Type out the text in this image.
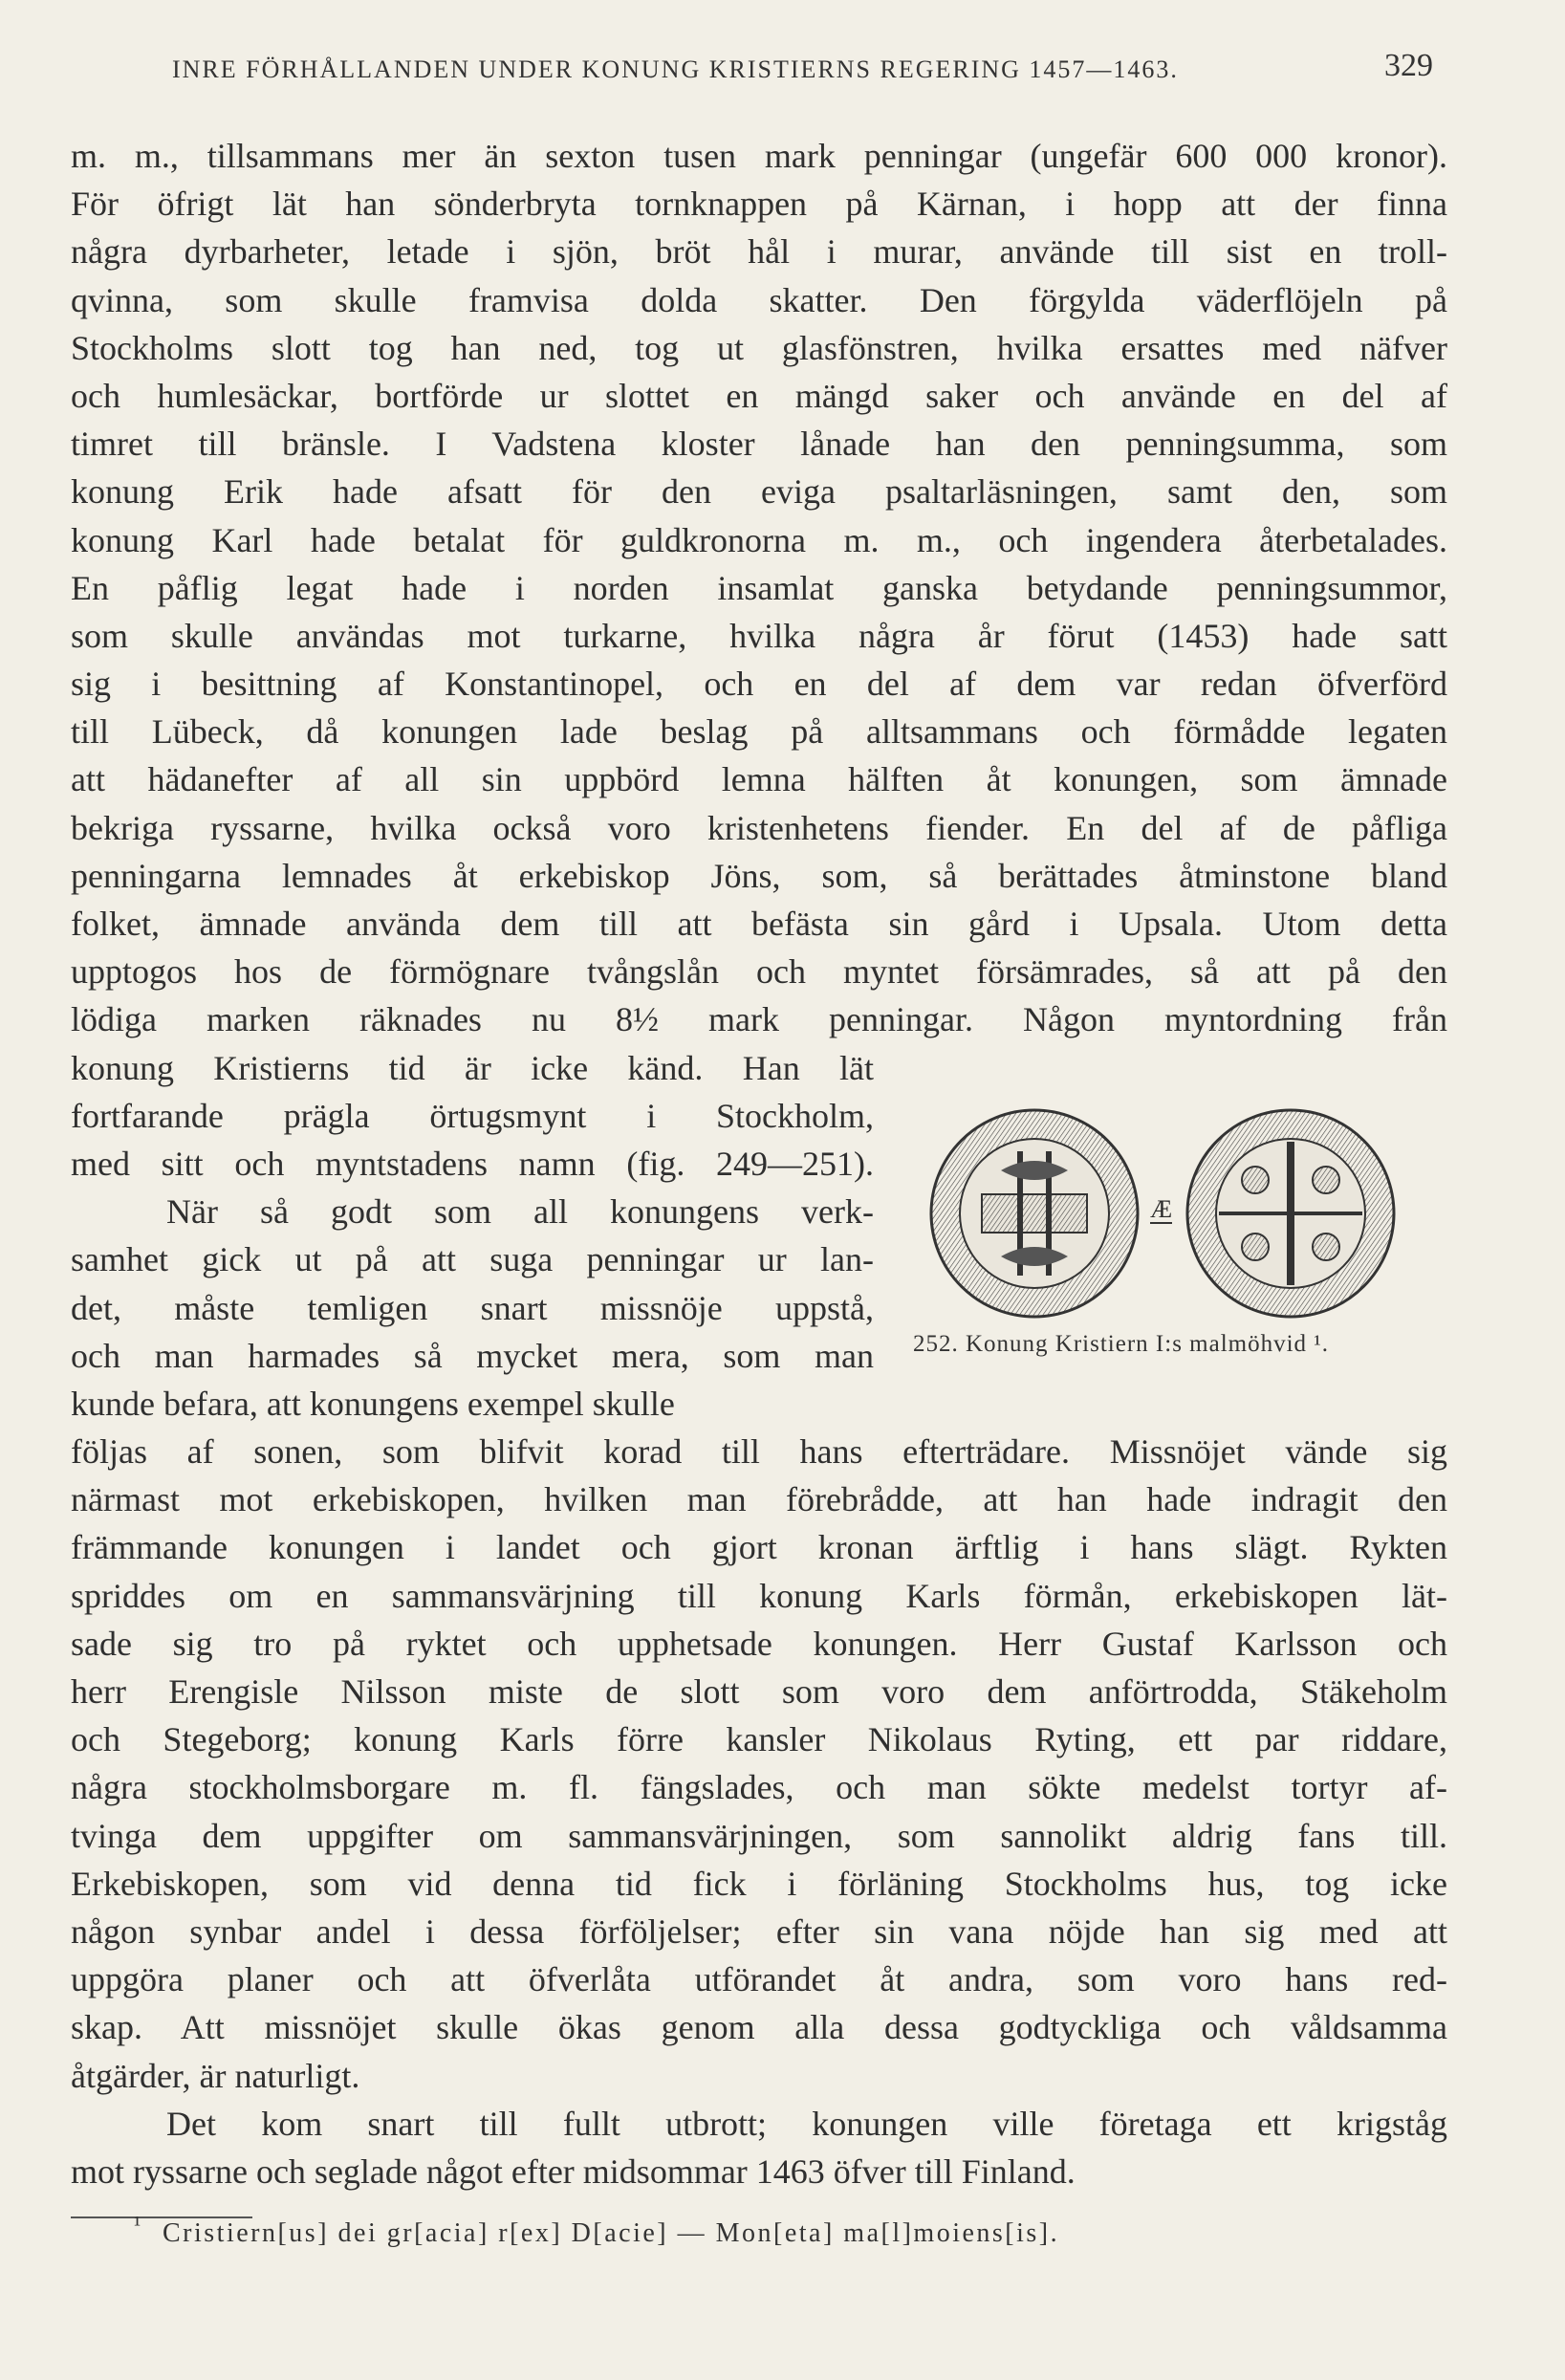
INRE FÖRHÅLLANDEN UNDER KONUNG KRISTIERNS REGERING 1457—1463.	329
m. m., tillsammans mer än sexton tusen mark penningar (ungefär 600 000 kronor).
För öfrigt lät han sönderbryta tornknappen på Kärnan, i hopp att der finna
några dyrbarheter, letade i sjön, bröt hål i murar, använde till sist en troll-
qvinna, som skulle framvisa dolda skatter. Den förgylda väderflöjeln på
Stockholms slott tog han ned, tog ut glasfönstren, hvilka ersattes med näfver
och humlesäckar, bortförde ur slottet en mängd saker och använde en del af
timret till bränsle. I Vadstena kloster lånade han den penningsumma, som
konung Erik hade afsatt för den eviga psaltarläsningen, samt den, som
konung Karl hade betalat för guldkronorna m. m., och ingendera återbetalades.
En påflig legat hade i norden insamlat ganska betydande penningsummor,
som skulle användas mot turkarne, hvilka några år förut (1453) hade satt
sig i besittning af Konstantinopel, och en del af dem var redan öfverförd
till Lübeck, då konungen lade beslag på alltsammans och förmådde legaten
att hädanefter af all sin uppbörd lemna hälften åt konungen, som ämnade
bekriga ryssarne, hvilka också voro kristenhetens fiender. En del af de påfliga
penningarna lemnades åt erkebiskop Jöns, som, så berättades åtminstone bland
folket, ämnade använda dem till att befästa sin gård i Upsala. Utom detta
upptogos hos de förmögnare tvångslån och myntet försämrades, så att på den
lödiga marken räknades nu 8½ mark penningar. Någon myntordning från
konung Kristierns tid är icke känd. Han lät
fortfarande prägla örtugsmynt i Stockholm,
med sitt och myntstadens namn (fig. 249—251).
När så godt som all konungens verk-
samhet gick ut på att suga penningar ur lan-
det, måste temligen snart missnöje uppstå,
och man harmades så mycket mera, som man
kunde befara, att konungens exempel skulle
följas af sonen, som blifvit korad till hans efterträdare. Missnöjet vände sig
närmast mot erkebiskopen, hvilken man förebrådde, att han hade indragit den
främmande konungen i landet och gjort kronan ärftlig i hans slägt. Rykten
spriddes om en sammansvärjning till konung Karls förmån, erkebiskopen lät-
sade sig tro på ryktet och upphetsade konungen. Herr Gustaf Karlsson och
herr Erengisle Nilsson miste de slott som voro dem anförtrodda, Stäkeholm
och Stegeborg; konung Karls förre kansler Nikolaus Ryting, ett par riddare,
några stockholmsborgare m. fl. fängslades, och man sökte medelst tortyr af-
tvinga dem uppgifter om sammansvärjningen, som sannolikt aldrig fans till.
Erkebiskopen, som vid denna tid fick i förläning Stockholms hus, tog icke
någon synbar andel i dessa förföljelser; efter sin vana nöjde han sig med att
uppgöra planer och att öfverlåta utförandet åt andra, som voro hans red-
skap. Att missnöjet skulle ökas genom alla dessa godtyckliga och våldsamma
åtgärder, är naturligt.
Det kom snart till fullt utbrott; konungen ville företaga ett krigståg
mot ryssarne och seglade något efter midsommar 1463 öfver till Finland.
Æ
252. Konung Kristiern I:s malmöhvid ¹.
Cristiern[us] dei gr[acia] r[ex] D[acie] — Mon[eta] ma[l]moiens[is].
¹
